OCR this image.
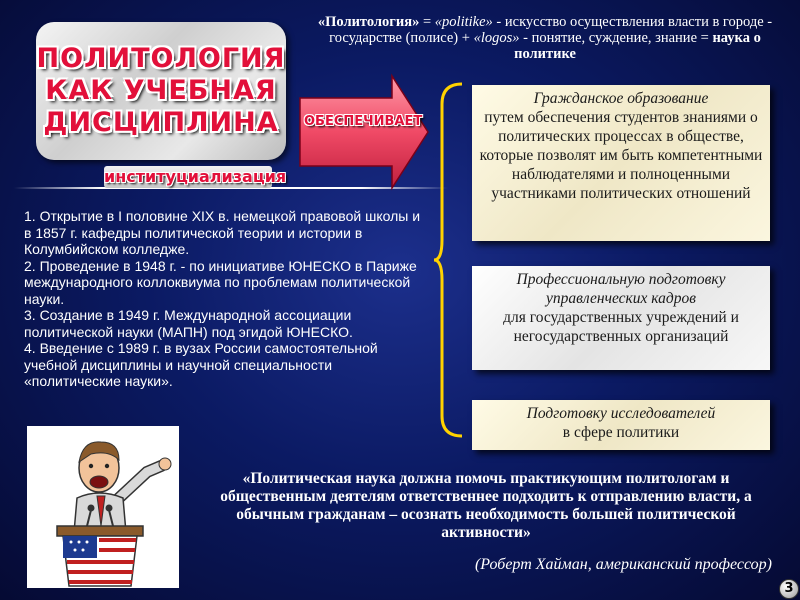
ПОЛИТОЛОГИЯ
КАК УЧЕБНАЯ
ДИСЦИПЛИНА
институциализация
ОБЕСПЕЧИВАЕТ
«Политология» = «politike» - искусство осуществления власти в городе - государстве (полисе) + «logos» - понятие, суждение, знание = наука о политике
Гражданское образование
путем обеспечения студентов знаниями о политических процессах в обществе, которые позволят им быть компетентными наблюдателями и полноценными участниками политических отношений
Профессиональную подготовку управленческих кадров
для государственных учреждений и негосударственных организаций
Подготовку исследователей
в сфере политики
1. Открытие в I половине XIX в. немецкой правовой школы и в 1857 г. кафедры политической теории и истории в Колумбийском колледже.
2. Проведение в 1948 г. - по инициативе ЮНЕСКО в Париже международного коллоквиума по проблемам политической науки.
3. Создание в 1949 г. Международной ассоциации политической науки (МАПН) под эгидой ЮНЕСКО.
4. Введение с 1989 г. в вузах России самостоятельной учебной дисциплины и научной специальности «политические науки».
«Политическая наука должна помочь практикующим политологам и общественным деятелям ответственнее подходить к отправлению власти, а обычным гражданам – осознать необходимость большей политической активности»
(Роберт Хайман, американский профессор)
3
